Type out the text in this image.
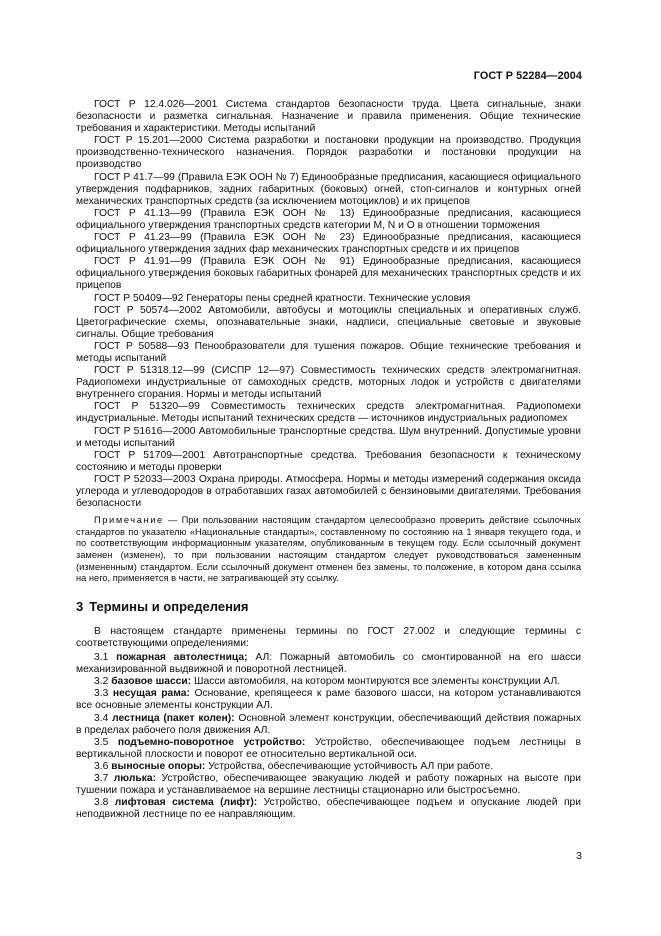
ГОСТ Р 52284—2004

ГОСТ Р 12.4.026—2001 Система стандартов безопасности труда. Цвета сигнальные, знаки безопасности и разметка сигнальная. Назначение и правила применения. Общие технические требования и характеристики. Методы испытаний

ГОСТ Р 15.201—2000 Система разработки и постановки продукции на производство. Продукция производственно-технического назначения. Порядок разработки и постановки продукции на производство

ГОСТ Р 41.7—99 (Правила ЕЭК ООН № 7) Единообразные предписания, касающиеся официального утверждения подфарников, задних габаритных (боковых) огней, стоп-сигналов и контурных огней механических транспортных средств (за исключением мотоциклов) и их прицепов

ГОСТ Р 41.13—99 (Правила ЕЭК ООН № 13) Единообразные предписания, касающиеся официального утверждения транспортных средств категории М, N и О в отношении торможения

ГОСТ Р 41.23—99 (Правила ЕЭК ООН № 23) Единообразные предписания, касающиеся официального утверждения задних фар механических транспортных средств и их прицепов

ГОСТ Р 41.91—99 (Правила ЕЭК ООН № 91) Единообразные предписания, касающиеся официального утверждения боковых габаритных фонарей для механических транспортных средств и их прицепов

ГОСТ Р 50409—92 Генераторы пены средней кратности. Технические условия

ГОСТ Р 50574—2002 Автомобили, автобусы и мотоциклы специальных и оперативных служб. Цветографические схемы, опознавательные знаки, надписи, специальные световые и звуковые сигналы. Общие требования

ГОСТ Р 50588—93 Пенообразователи для тушения пожаров. Общие технические требования и методы испытаний

ГОСТ Р 51318.12—99 (СИСПР 12—97) Совместимость технических средств электромагнитная. Радиопомехи индустриальные от самоходных средств, моторных лодок и устройств с двигателями внутреннего сгорания. Нормы и методы испытаний

ГОСТ Р 51320—99 Совместимость технических средств электромагнитная. Радиопомехи индустриальные. Методы испытаний технических средств — источников индустриальных радиопомех

ГОСТ Р 51616—2000 Автомобильные транспортные средства. Шум внутренний. Допустимые уровни и методы испытаний

ГОСТ Р 51709—2001 Автотранспортные средства. Требования безопасности к техническому состоянию и методы проверки

ГОСТ Р 52033—2003 Охрана природы. Атмосфера. Нормы и методы измерений содержания оксида углерода и углеводородов в отработавших газах автомобилей с бензиновыми двигателями. Требования безопасности

Примечание — При пользовании настоящим стандартом целесообразно проверить действие ссылочных стандартов по указателю «Национальные стандарты», составленному по состоянию на 1 января текущего года, и по соответствующим информационным указателям, опубликованным в текущем году. Если ссылочный документ заменен (изменен), то при пользовании настоящим стандартом следует руководствоваться замененным (измененным) стандартом. Если ссылочный документ отменен без замены, то положение, в котором дана ссылка на него, применяется в части, не затрагивающей эту ссылку.

3 Термины и определения

В настоящем стандарте применены термины по ГОСТ 27.002 и следующие термины с соответствующими определениями:

3.1 пожарная автолестница; АЛ: Пожарный автомобиль со смонтированной на его шасси механизированной выдвижной и поворотной лестницей.

3.2 базовое шасси: Шасси автомобиля, на котором монтируются все элементы конструкции АЛ.

3.3 несущая рама: Основание, крепящееся к раме базового шасси, на котором устанавливаются все основные элементы конструкции АЛ.

3.4 лестница (пакет колен): Основной элемент конструкции, обеспечивающий действия пожарных в пределах рабочего поля движения АЛ.

3.5 подъемно-поворотное устройство: Устройство, обеспечивающее подъем лестницы в вертикальной плоскости и поворот ее относительно вертикальной оси.

3.6 выносные опоры: Устройства, обеспечивающие устойчивость АЛ при работе.

3.7 люлька: Устройство, обеспечивающее эвакуацию людей и работу пожарных на высоте при тушении пожара и устанавливаемое на вершине лестницы стационарно или быстросъемно.

3.8 лифтовая система (лифт): Устройство, обеспечивающее подъем и опускание людей при неподвижной лестнице по ее направляющим.

3
